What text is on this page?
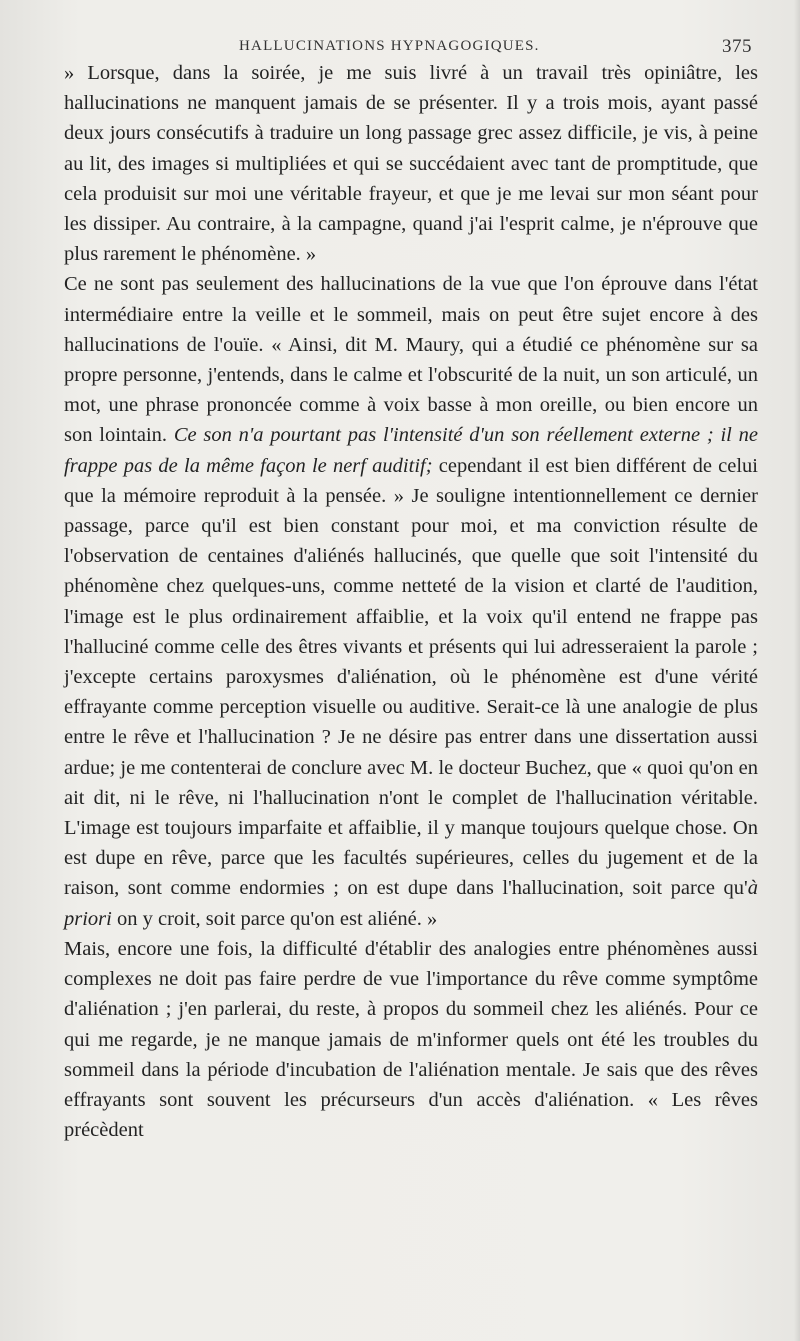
HALLUCINATIONS HYPNAGOGIQUES.	375

» Lorsque, dans la soirée, je me suis livré à un travail très opiniâtre, les hallucinations ne manquent jamais de se présenter. Il y a trois mois, ayant passé deux jours consécutifs à traduire un long passage grec assez difficile, je vis, à peine au lit, des images si multipliées et qui se succédaient avec tant de promptitude, que cela produisit sur moi une véritable frayeur, et que je me levai sur mon séant pour les dissiper. Au contraire, à la campagne, quand j'ai l'esprit calme, je n'éprouve que plus rarement le phénomène. »

Ce ne sont pas seulement des hallucinations de la vue que l'on éprouve dans l'état intermédiaire entre la veille et le sommeil, mais on peut être sujet encore à des hallucinations de l'ouïe. « Ainsi, dit M. Maury, qui a étudié ce phénomène sur sa propre personne, j'entends, dans le calme et l'obscurité de la nuit, un son articulé, un mot, une phrase prononcée comme à voix basse à mon oreille, ou bien encore un son lointain. Ce son n'a pourtant pas l'intensité d'un son réellement externe ; il ne frappe pas de la même façon le nerf auditif; cependant il est bien différent de celui que la mémoire reproduit à la pensée. » Je souligne intentionnellement ce dernier passage, parce qu'il est bien constant pour moi, et ma conviction résulte de l'observation de centaines d'aliénés hallucinés, que quelle que soit l'intensité du phénomène chez quelques-uns, comme netteté de la vision et clarté de l'audition, l'image est le plus ordinairement affaiblie, et la voix qu'il entend ne frappe pas l'halluciné comme celle des êtres vivants et présents qui lui adresseraient la parole ; j'excepte certains paroxysmes d'aliénation, où le phénomène est d'une vérité effrayante comme perception visuelle ou auditive. Serait-ce là une analogie de plus entre le rêve et l'hallucination ? Je ne désire pas entrer dans une dissertation aussi ardue; je me contenterai de conclure avec M. le docteur Buchez, que « quoi qu'on en ait dit, ni le rêve, ni l'hallucination n'ont le complet de l'hallucination véritable. L'image est toujours imparfaite et affaiblie, il y manque toujours quelque chose. On est dupe en rêve, parce que les facultés supérieures, celles du jugement et de la raison, sont comme endormies ; on est dupe dans l'hallucination, soit parce qu'à priori on y croit, soit parce qu'on est aliéné. »

Mais, encore une fois, la difficulté d'établir des analogies entre phénomènes aussi complexes ne doit pas faire perdre de vue l'importance du rêve comme symptôme d'aliénation ; j'en parlerai, du reste, à propos du sommeil chez les aliénés. Pour ce qui me regarde, je ne manque jamais de m'informer quels ont été les troubles du sommeil dans la période d'incubation de l'aliénation mentale. Je sais que des rêves effrayants sont souvent les précurseurs d'un accès d'aliénation. « Les rêves précèdent
